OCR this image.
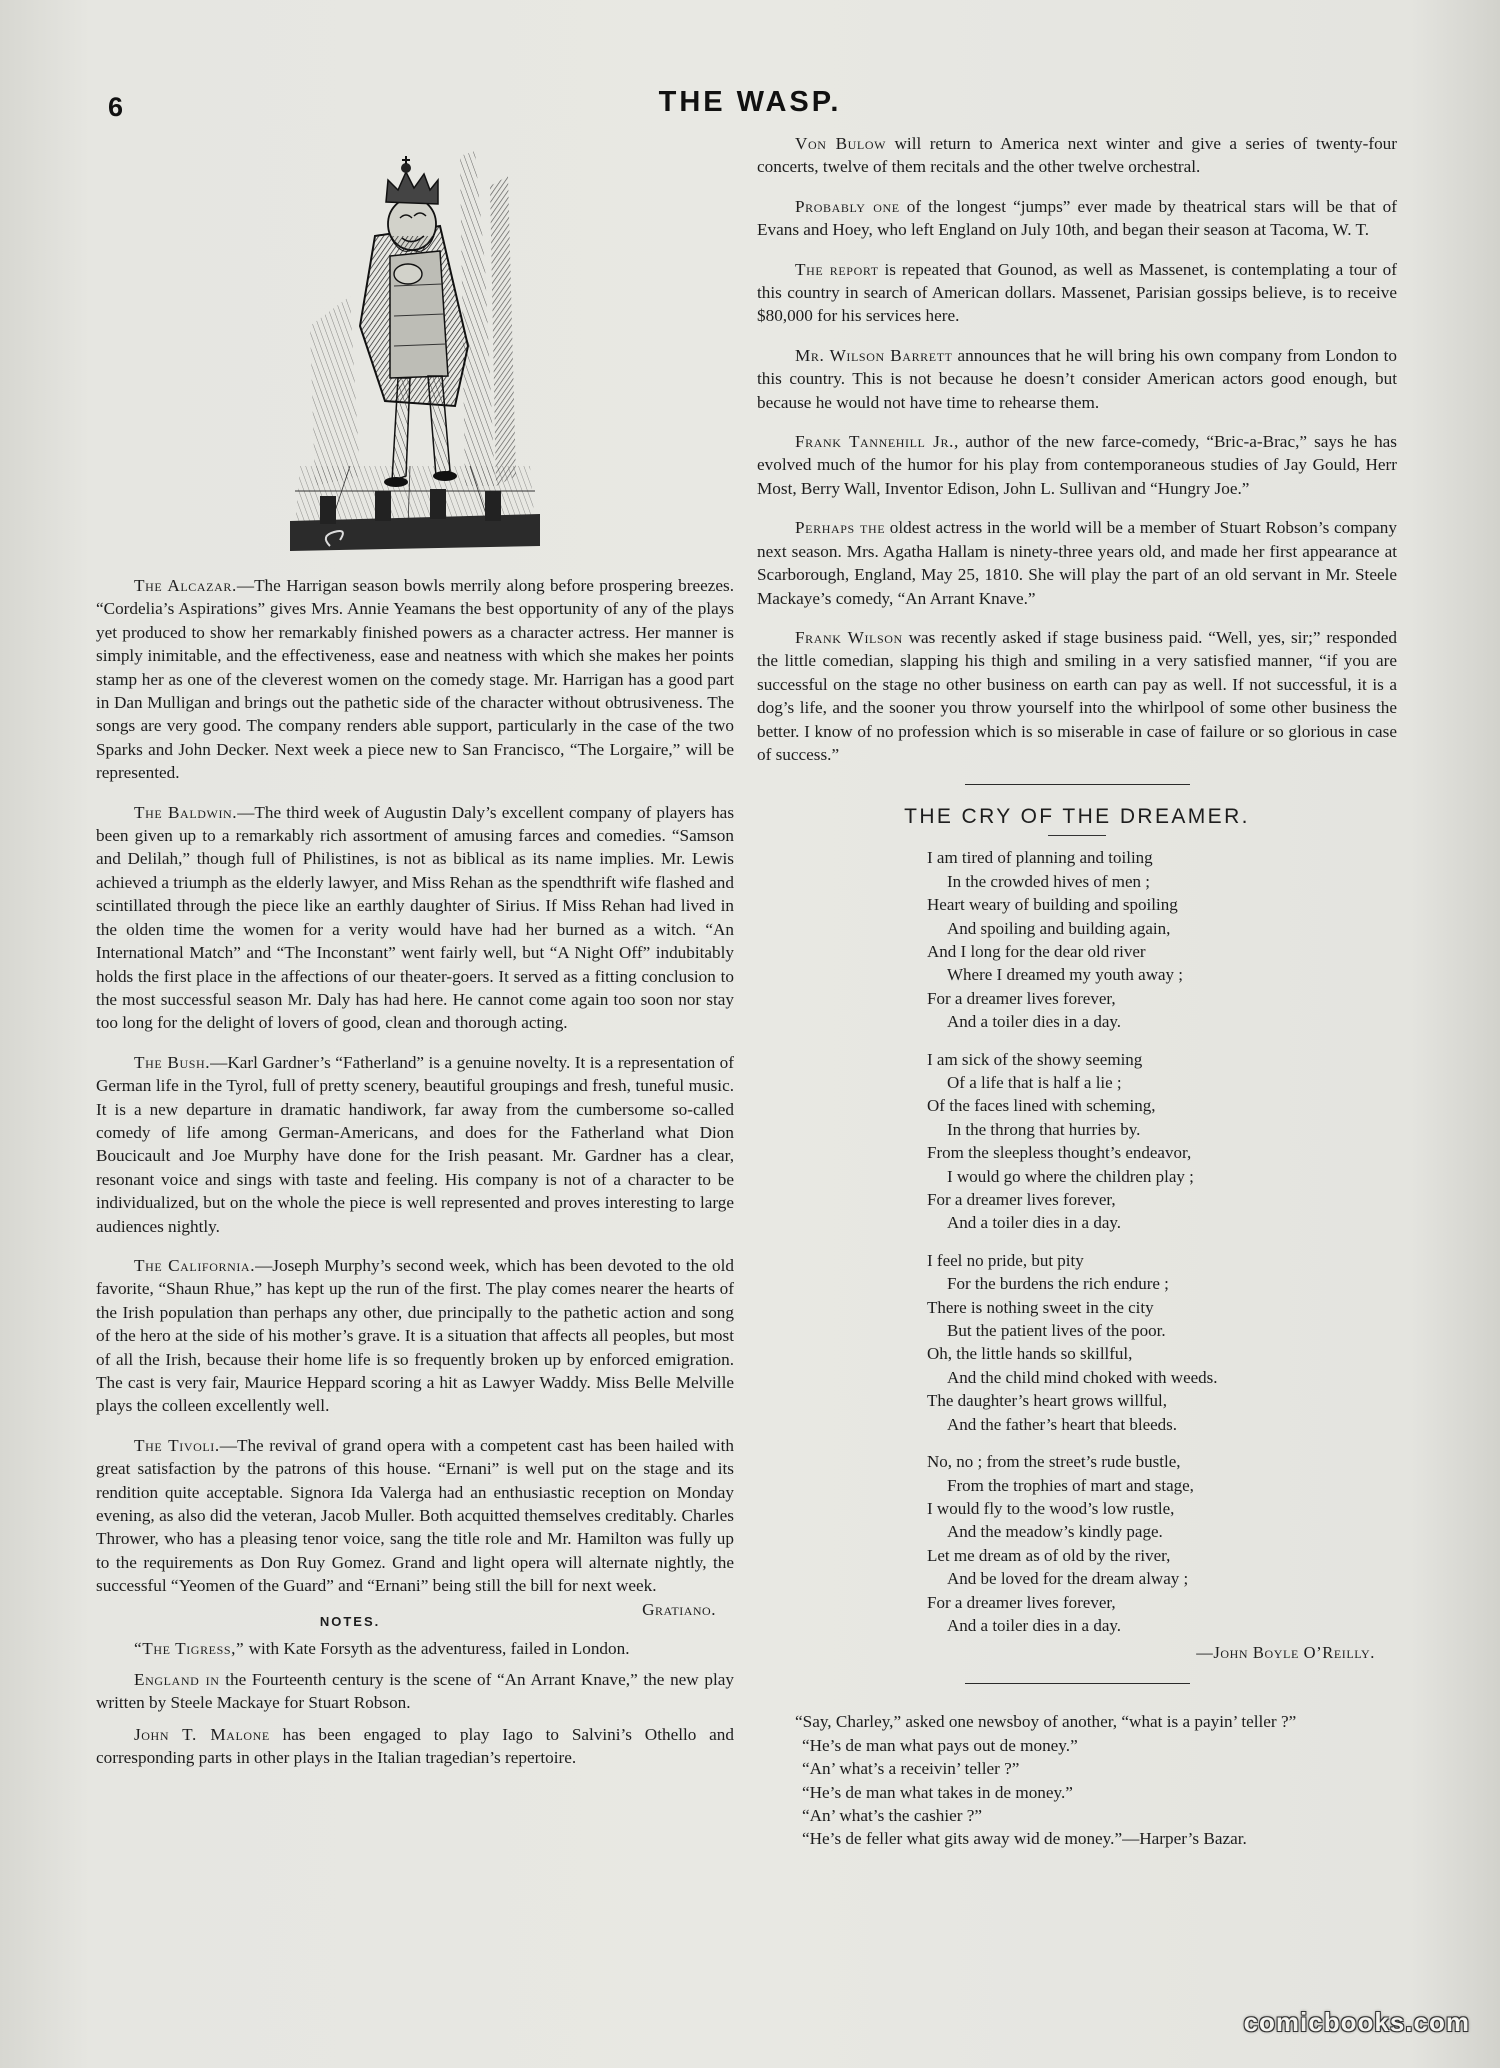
6	THE WASP.

The Alcazar.—The Harrigan season bowls merrily along before prospering breezes. “Cordelia’s Aspirations” gives Mrs. Annie Yeamans the best opportunity of any of the plays yet produced to show her remarkably finished powers as a character actress. Her manner is simply inimitable, and the effectiveness, ease and neatness with which she makes her points stamp her as one of the cleverest women on the comedy stage. Mr. Harrigan has a good part in Dan Mulligan and brings out the pathetic side of the character without obtrusiveness. The songs are very good. The company renders able support, particularly in the case of the two Sparks and John Decker. Next week a piece new to San Francisco, “The Lorgaire,” will be represented.

The Baldwin.—The third week of Augustin Daly’s excellent company of players has been given up to a remarkably rich assortment of amusing farces and comedies. “Samson and Delilah,” though full of Philistines, is not as biblical as its name implies. Mr. Lewis achieved a triumph as the elderly lawyer, and Miss Rehan as the spendthrift wife flashed and scintillated through the piece like an earthly daughter of Sirius. If Miss Rehan had lived in the olden time the women for a verity would have had her burned as a witch. “An International Match” and “The Inconstant” went fairly well, but “A Night Off” indubitably holds the first place in the affections of our theater-goers. It served as a fitting conclusion to the most successful season Mr. Daly has had here. He cannot come again too soon nor stay too long for the delight of lovers of good, clean and thorough acting.

The Bush.—Karl Gardner’s “Fatherland” is a genuine novelty. It is a representation of German life in the Tyrol, full of pretty scenery, beautiful groupings and fresh, tuneful music. It is a new departure in dramatic handiwork, far away from the cumbersome so-called comedy of life among German-Americans, and does for the Fatherland what Dion Boucicault and Joe Murphy have done for the Irish peasant. Mr. Gardner has a clear, resonant voice and sings with taste and feeling. His company is not of a character to be individualized, but on the whole the piece is well represented and proves interesting to large audiences nightly.

The California.—Joseph Murphy’s second week, which has been devoted to the old favorite, “Shaun Rhue,” has kept up the run of the first. The play comes nearer the hearts of the Irish population than perhaps any other, due principally to the pathetic action and song of the hero at the side of his mother’s grave. It is a situation that affects all peoples, but most of all the Irish, because their home life is so frequently broken up by enforced emigration. The cast is very fair, Maurice Heppard scoring a hit as Lawyer Waddy. Miss Belle Melville plays the colleen excellently well.

The Tivoli.—The revival of grand opera with a competent cast has been hailed with great satisfaction by the patrons of this house. “Ernani” is well put on the stage and its rendition quite acceptable. Signora Ida Valerga had an enthusiastic reception on Monday evening, as also did the veteran, Jacob Muller. Both acquitted themselves creditably. Charles Thrower, who has a pleasing tenor voice, sang the title role and Mr. Hamilton was fully up to the requirements as Don Ruy Gomez. Grand and light opera will alternate nightly, the successful “Yeomen of the Guard” and “Ernani” being still the bill for next week.
Gratiano.

NOTES.

“The Tigress,” with Kate Forsyth as the adventuress, failed in London.

England in the Fourteenth century is the scene of “An Arrant Knave,” the new play written by Steele Mackaye for Stuart Robson.

John T. Malone has been engaged to play Iago to Salvini’s Othello and corresponding parts in other plays in the Italian tragedian’s repertoire.

Von Bulow will return to America next winter and give a series of twenty-four concerts, twelve of them recitals and the other twelve orchestral.

Probably one of the longest “jumps” ever made by theatrical stars will be that of Evans and Hoey, who left England on July 10th, and began their season at Tacoma, W. T.

The report is repeated that Gounod, as well as Massenet, is contemplating a tour of this country in search of American dollars. Massenet, Parisian gossips believe, is to receive $80,000 for his services here.

Mr. Wilson Barrett announces that he will bring his own company from London to this country. This is not because he doesn’t consider American actors good enough, but because he would not have time to rehearse them.

Frank Tannehill Jr., author of the new farce-comedy, “Bric-a-Brac,” says he has evolved much of the humor for his play from contemporaneous studies of Jay Gould, Herr Most, Berry Wall, Inventor Edison, John L. Sullivan and “Hungry Joe.”

Perhaps the oldest actress in the world will be a member of Stuart Robson’s company next season. Mrs. Agatha Hallam is ninety-three years old, and made her first appearance at Scarborough, England, May 25, 1810. She will play the part of an old servant in Mr. Steele Mackaye’s comedy, “An Arrant Knave.”

Frank Wilson was recently asked if stage business paid. “Well, yes, sir;” responded the little comedian, slapping his thigh and smiling in a very satisfied manner, “if you are successful on the stage no other business on earth can pay as well. If not successful, it is a dog’s life, and the sooner you throw yourself into the whirlpool of some other business the better. I know of no profession which is so miserable in case of failure or so glorious in case of success.”

THE CRY OF THE DREAMER.
I am tired of planning and toiling
In the crowded hives of men ;
Heart weary of building and spoiling
And spoiling and building again,
And I long for the dear old river
Where I dreamed my youth away ;
For a dreamer lives forever,
And a toiler dies in a day.
I am sick of the showy seeming
Of a life that is half a lie ;
Of the faces lined with scheming,
In the throng that hurries by.
From the sleepless thought’s endeavor,
I would go where the children play ;
For a dreamer lives forever,
And a toiler dies in a day.
I feel no pride, but pity
For the burdens the rich endure ;
There is nothing sweet in the city
But the patient lives of the poor.
Oh, the little hands so skillful,
And the child mind choked with weeds.
The daughter’s heart grows willful,
And the father’s heart that bleeds.
No, no ; from the street’s rude bustle,
From the trophies of mart and stage,
I would fly to the wood’s low rustle,
And the meadow’s kindly page.
Let me dream as of old by the river,
And be loved for the dream alway ;
For a dreamer lives forever,
And a toiler dies in a day.
—John Boyle O’Reilly.
“Say, Charley,” asked one newsboy of another, “what is a payin’ teller ?”
“He’s de man what pays out de money.”
“An’ what’s a receivin’ teller ?”
“He’s de man what takes in de money.”
“An’ what’s the cashier ?”
“He’s de feller what gits away wid de money.”—Harper’s Bazar.
comicbooks.com
